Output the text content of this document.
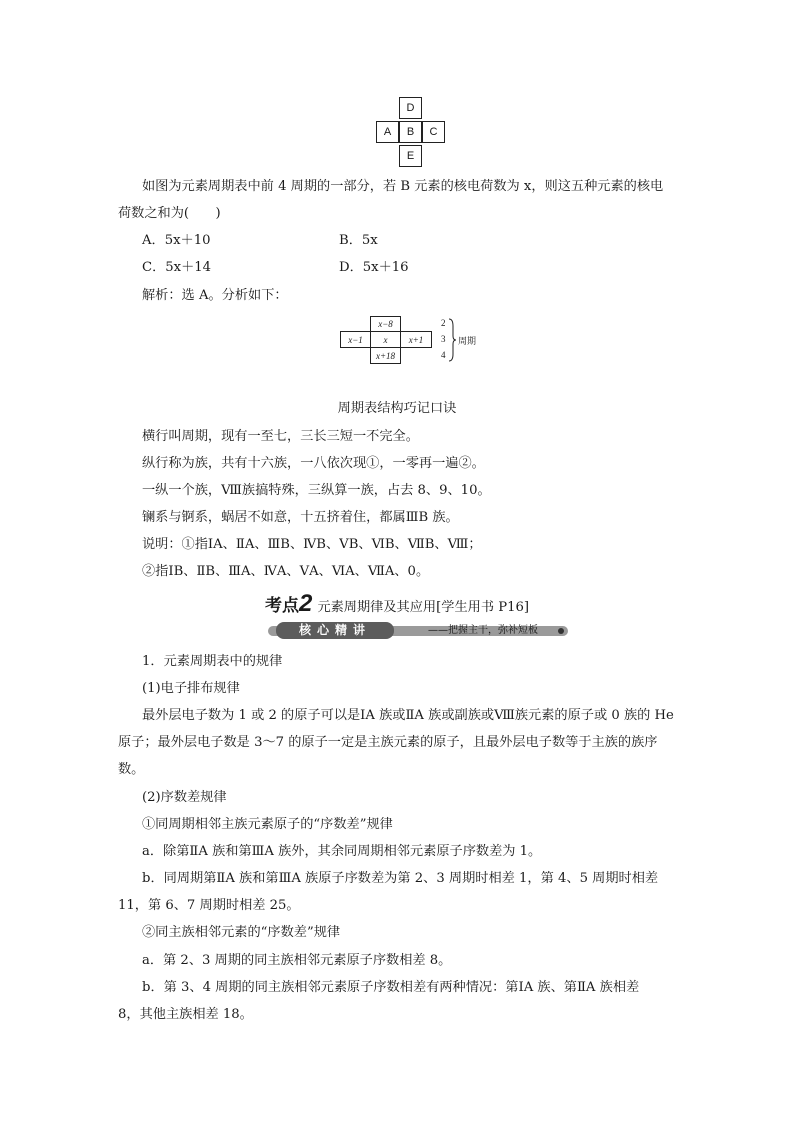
D
A	B	C
E
如图为元素周期表中前 4 周期的一部分，若 B 元素的核电荷数为 x，则这五种元素的核电
荷数之和为(　　)
A．5x＋10	B．5x
C．5x＋14	D．5x＋16
解析：选 A。分析如下：
x−8
x−1	x	x+1
x+18
2
3
4
周期
周期表结构巧记口诀
横行叫周期，现有一至七，三长三短一不完全。
纵行称为族，共有十六族，一八依次现①，一零再一遍②。
一纵一个族，Ⅷ族搞特殊，三纵算一族，占去 8、9、10。
镧系与锕系，蜗居不如意，十五挤着住，都属ⅢB 族。
说明：①指ⅠA、ⅡA、ⅢB、ⅣB、ⅤB、ⅥB、ⅦB、Ⅷ；
②指ⅠB、ⅡB、ⅢA、ⅣA、ⅤA、ⅥA、ⅦA、0。
考点2 元素周期律及其应用[学生用书 P16]
核心精讲	——把握主干，弥补短板
1．元素周期表中的规律
(1)电子排布规律
最外层电子数为 1 或 2 的原子可以是ⅠA 族或ⅡA 族或副族或Ⅷ族元素的原子或 0 族的 He
原子；最外层电子数是 3～7 的原子一定是主族元素的原子，且最外层电子数等于主族的族序
数。
(2)序数差规律
①同周期相邻主族元素原子的“序数差”规律
a．除第ⅡA 族和第ⅢA 族外，其余同周期相邻元素原子序数差为 1。
b．同周期第ⅡA 族和第ⅢA 族原子序数差为第 2、3 周期时相差 1，第 4、5 周期时相差
11，第 6、7 周期时相差 25。
②同主族相邻元素的“序数差”规律
a．第 2、3 周期的同主族相邻元素原子序数相差 8。
b．第 3、4 周期的同主族相邻元素原子序数相差有两种情况：第ⅠA 族、第ⅡA 族相差
8，其他主族相差 18。
